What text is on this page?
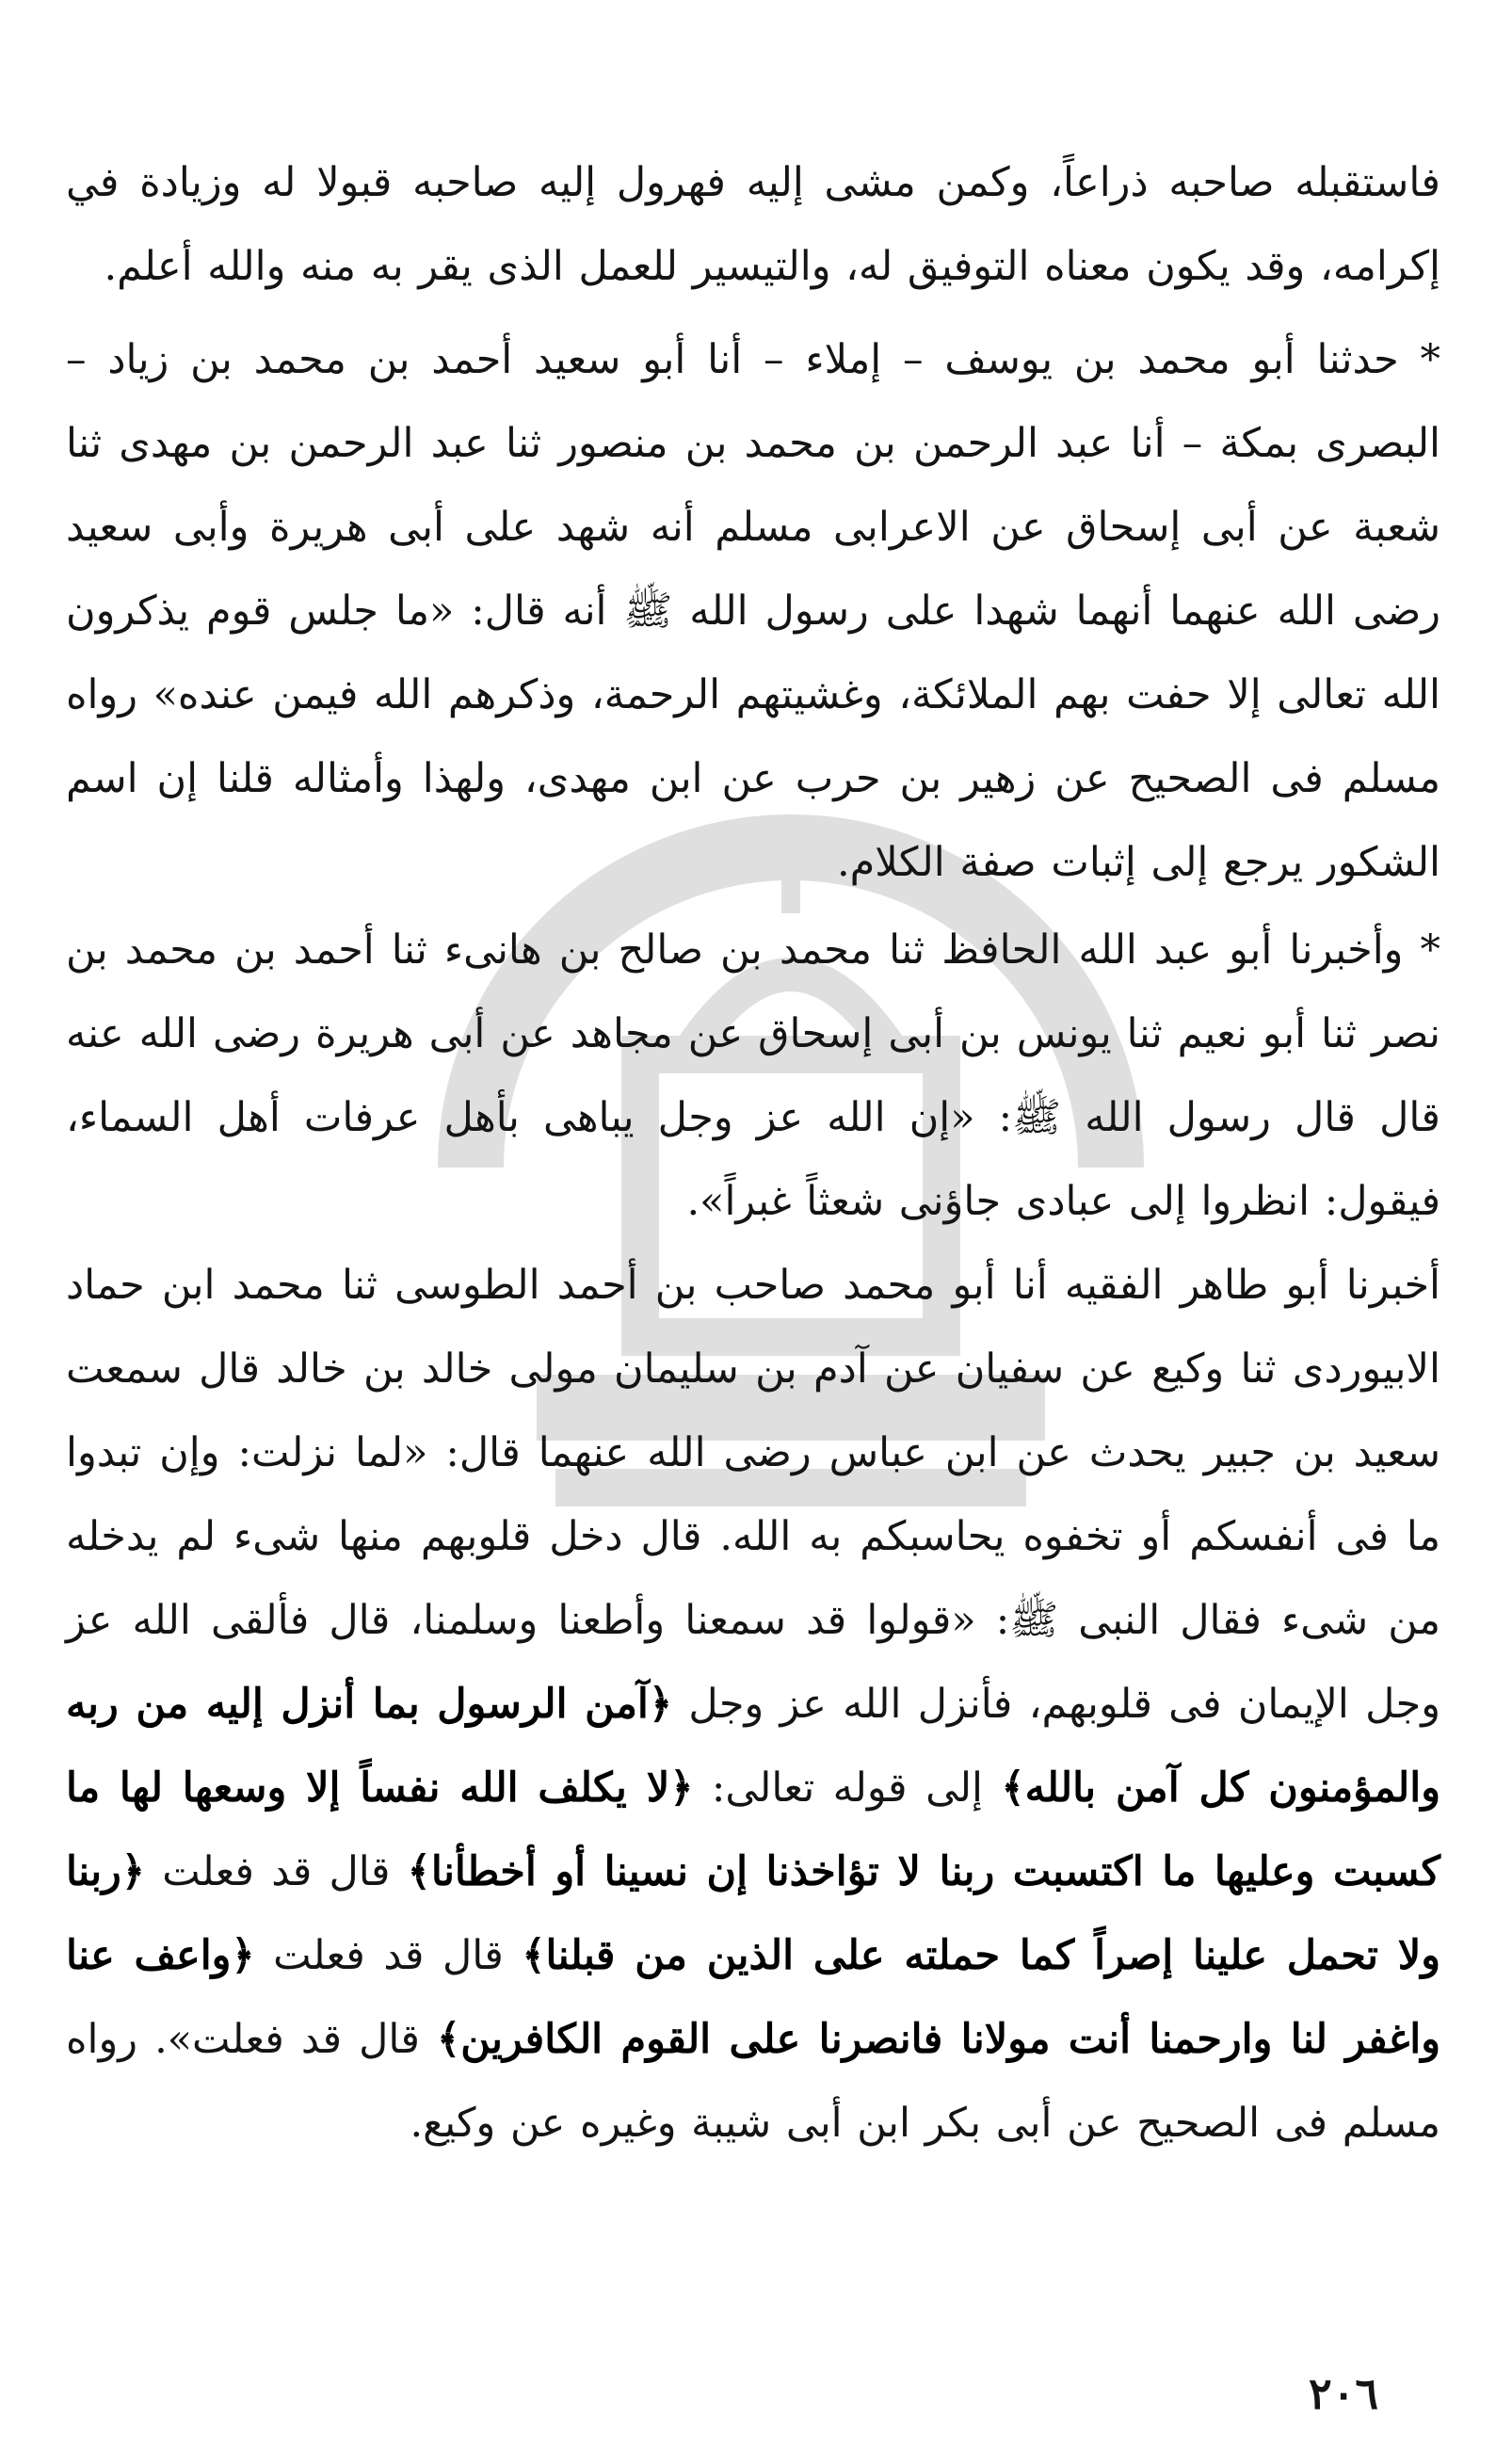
فاستقبله صاحبه ذراعاً، وكمن مشى إليه فهرول إليه صاحبه قبولا له وزيادة في إكرامه، وقد يكون معناه التوفيق له، والتيسير للعمل الذى يقر به منه والله أعلم.

* حدثنا أبو محمد بن يوسف – إملاء – أنا أبو سعيد أحمد بن محمد بن زياد – البصرى بمكة – أنا عبد الرحمن بن محمد بن منصور ثنا عبد الرحمن بن مهدى ثنا شعبة عن أبى إسحاق عن الاعرابى مسلم أنه شهد على أبى هريرة وأبى سعيد رضى الله عنهما أنهما شهدا على رسول الله ﷺ أنه قال: «ما جلس قوم يذكرون الله تعالى إلا حفت بهم الملائكة، وغشيتهم الرحمة، وذكرهم الله فيمن عنده» رواه مسلم فى الصحيح عن زهير بن حرب عن ابن مهدى، ولهذا وأمثاله قلنا إن اسم الشكور يرجع إلى إثبات صفة الكلام.

* وأخبرنا أبو عبد الله الحافظ ثنا محمد بن صالح بن هانىء ثنا أحمد بن محمد بن نصر ثنا أبو نعيم ثنا يونس بن أبى إسحاق عن مجاهد عن أبى هريرة رضى الله عنه قال قال رسول الله ﷺ: «إن الله عز وجل يباهى بأهل عرفات أهل السماء، فيقول: انظروا إلى عبادى جاؤنى شعثاً غبراً».

أخبرنا أبو طاهر الفقيه أنا أبو محمد صاحب بن أحمد الطوسى ثنا محمد ابن حماد الابيوردى ثنا وكيع عن سفيان عن آدم بن سليمان مولى خالد بن خالد قال سمعت سعيد بن جبير يحدث عن ابن عباس رضى الله عنهما قال: «لما نزلت: وإن تبدوا ما فى أنفسكم أو تخفوه يحاسبكم به الله. قال دخل قلوبهم منها شىء لم يدخله من شىء فقال النبى ﷺ: «قولوا قد سمعنا وأطعنا وسلمنا، قال فألقى الله عز وجل الإيمان فى قلوبهم، فأنزل الله عز وجل ﴿آمن الرسول بما أنزل إليه من ربه والمؤمنون كل آمن بالله﴾ إلى قوله تعالى: ﴿لا يكلف الله نفساً إلا وسعها لها ما كسبت وعليها ما اكتسبت ربنا لا تؤاخذنا إن نسينا أو أخطأنا﴾ قال قد فعلت ﴿ربنا ولا تحمل علينا إصراً كما حملته على الذين من قبلنا﴾ قال قد فعلت ﴿واعف عنا واغفر لنا وارحمنا أنت مولانا فانصرنا على القوم الكافرين﴾ قال قد فعلت». رواه مسلم فى الصحيح عن أبى بكر ابن أبى شيبة وغيره عن وكيع.

٢٠٦
